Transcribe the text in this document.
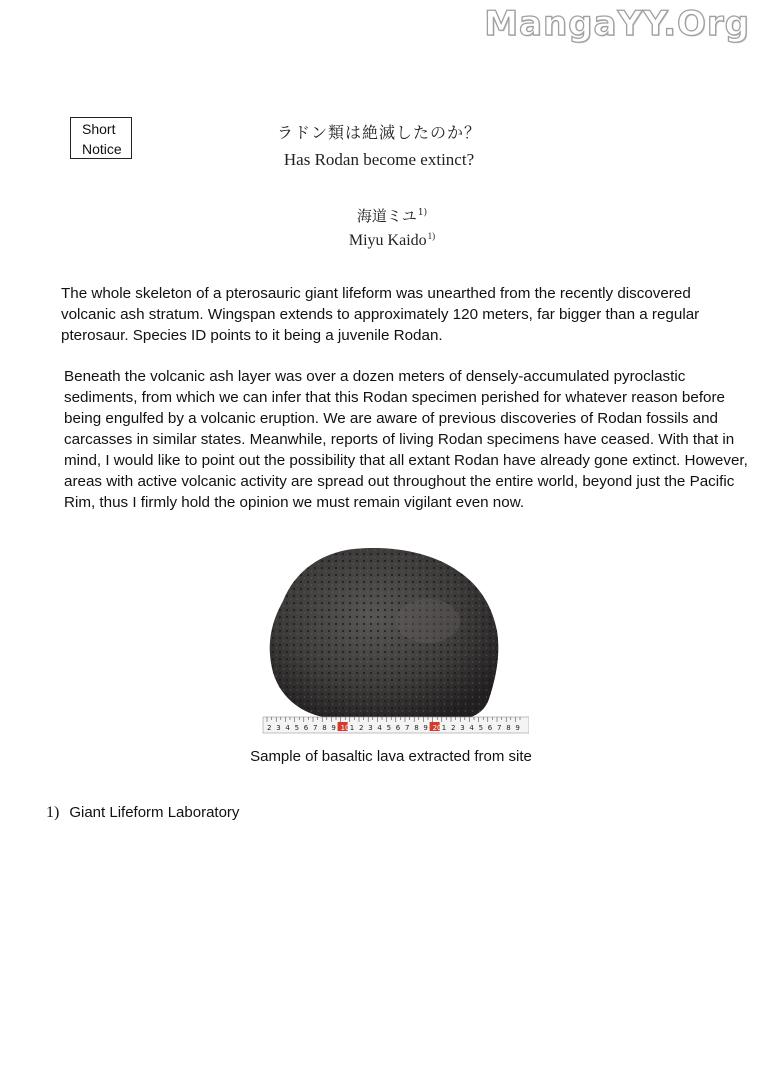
MangaYY.Org
Short
Notice
ラドン類は絶滅したのか？
Has Rodan become extinct?
海道ミユ$^{1)}$
Miyu Kaido$^{1)}$
The whole skeleton of a pterosauric giant lifeform was unearthed from the recently discovered volcanic ash stratum. Wingspan extends to approximately 120 meters, far bigger than a regular pterosaur. Species ID points to it being a juvenile Rodan.
Beneath the volcanic ash layer was over a dozen meters of densely-accumulated pyroclastic sediments, from which we can infer that this Rodan specimen perished for whatever reason before being engulfed by a volcanic eruption. We are aware of previous discoveries of Rodan fossils and carcasses in similar states. Meanwhile, reports of living Rodan specimens have ceased. With that in mind, I would like to point out the possibility that all extant Rodan have already gone extinct. However, areas with active volcanic activity are spread out throughout the entire world, beyond just the Pacific Rim, thus I firmly hold the opinion we must remain vigilant even now.
2 3 4 5 6 7 8 9 10 1 2 3 4 5 6 7 8 9 20 1 2 3 4 5 6 7 8 9
Sample of basaltic lava extracted from site
1) Giant Lifeform Laboratory
